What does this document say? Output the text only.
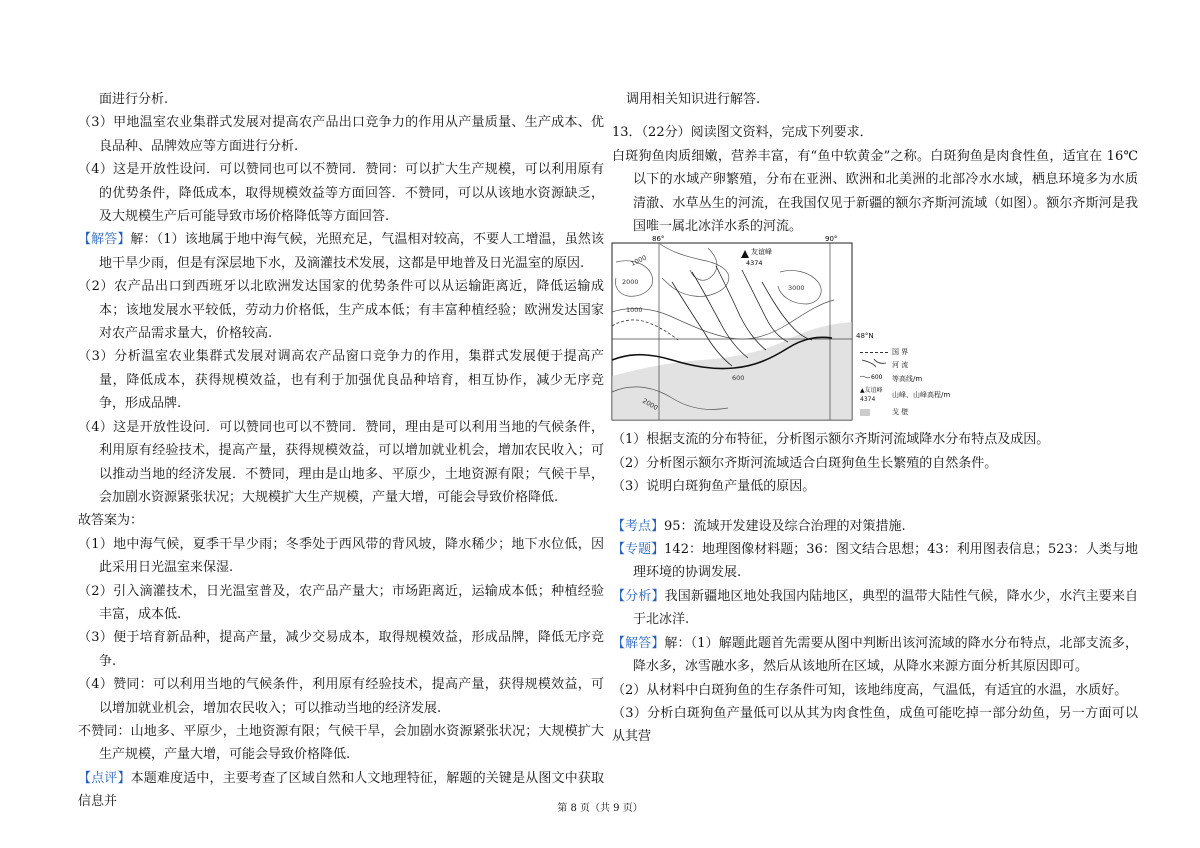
面进行分析.

（3）甲地温室农业集群式发展对提高农产品出口竞争力的作用从产量质量、生产成本、优良品种、品牌效应等方面进行分析.

（4）这是开放性设问．可以赞同也可以不赞同．赞同：可以扩大生产规模，可以利用原有的优势条件，降低成本，取得规模效益等方面回答．不赞同，可以从该地水资源缺乏，及大规模生产后可能导致市场价格降低等方面回答.

【解答】解：（1）该地属于地中海气候，光照充足，气温相对较高，不要人工增温，虽然该地干旱少雨，但是有深层地下水，及滴灌技术发展，这都是甲地普及日光温室的原因.

（2）农产品出口到西班牙以北欧洲发达国家的优势条件可以从运输距离近，降低运输成本；该地发展水平较低，劳动力价格低，生产成本低；有丰富种植经验；欧洲发达国家对农产品需求量大，价格较高.

（3）分析温室农业集群式发展对调高农产品窗口竞争力的作用，集群式发展便于提高产量，降低成本，获得规模效益，也有利于加强优良品种培育，相互协作，减少无序竞争，形成品牌.

（4）这是开放性设问．可以赞同也可以不赞同．赞同，理由是可以利用当地的气候条件，利用原有经验技术，提高产量，获得规模效益，可以增加就业机会，增加农民收入；可以推动当地的经济发展．不赞同，理由是山地多、平原少，土地资源有限；气候干旱，会加剧水资源紧张状况；大规模扩大生产规模，产量大增，可能会导致价格降低.

故答案为：

（1）地中海气候，夏季干旱少雨；冬季处于西风带的背风坡，降水稀少；地下水位低，因此采用日光温室来保湿.

（2）引入滴灌技术，日光温室普及，农产品产量大；市场距离近，运输成本低；种植经验丰富，成本低.

（3）便于培育新品种，提高产量，减少交易成本，取得规模效益，形成品牌，降低无序竞争.

（4）赞同：可以利用当地的气候条件，利用原有经验技术，提高产量，获得规模效益，可以增加就业机会，增加农民收入；可以推动当地的经济发展.

不赞同：山地多、平原少，土地资源有限；气候干旱，会加剧水资源紧张状况；大规模扩大生产规模，产量大增，可能会导致价格降低.

【点评】本题难度适中，主要考查了区域自然和人文地理特征，解题的关键是从图文中获取信息并

调用相关知识进行解答.

13．（22分）阅读图文资料，完成下列要求．

白斑狗鱼肉质细嫩，营养丰富，有“鱼中软黄金”之称。白斑狗鱼是肉食性鱼，适宜在 16℃以下的水域产卵繁殖，分布在亚洲、欧洲和北美洲的北部冷水水域，栖息环境多为水质清澈、水草丛生的河流，在我国仅见于新疆的额尔齐斯河流域（如图）。额尔齐斯河是我国唯一属北冰洋水系的河流。

友谊峰
4374
86°	90°
1000
2000
3000
1000
2000
600
48°N
国 界
河 流
600 等高线/m
▲友谊峰
4374山峰、山峰高程/m
戈 壁

（1）根据支流的分布特征，分析图示额尔齐斯河流域降水分布特点及成因。

（2）分析图示额尔齐斯河流域适合白斑狗鱼生长繁殖的自然条件。

（3）说明白斑狗鱼产量低的原因。

【考点】95：流域开发建设及综合治理的对策措施.

【专题】142：地理图像材料题；36：图文结合思想；43：利用图表信息；523：人类与地理环境的协调发展.

【分析】我国新疆地区地处我国内陆地区，典型的温带大陆性气候，降水少，水汽主要来自于北冰洋.

【解答】解：（1）解题此题首先需要从图中判断出该河流域的降水分布特点，北部支流多，降水多，冰雪融水多，然后从该地所在区域，从降水来源方面分析其原因即可。

（2）从材料中白斑狗鱼的生存条件可知，该地纬度高，气温低，有适宜的水温，水质好。

（3）分析白斑狗鱼产量低可以从其为肉食性鱼，成鱼可能吃掉一部分幼鱼，另一方面可以从其营

第 8 页（共 9 页）
